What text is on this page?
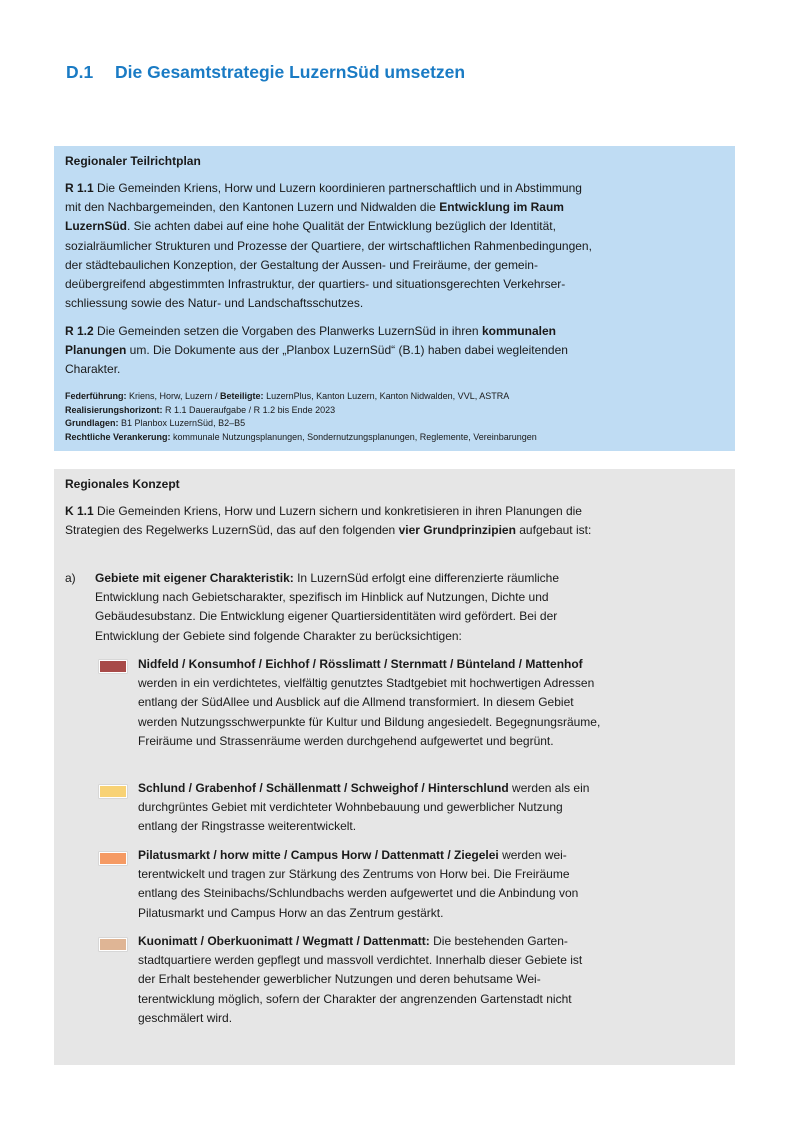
D.1 Die Gesamtstrategie LuzernSüd umsetzen
Regionaler Teilrichtplan
R 1.1 Die Gemeinden Kriens, Horw und Luzern koordinieren partnerschaftlich und in Abstimmung mit den Nachbargemeinden, den Kantonen Luzern und Nidwalden die Entwicklung im Raum LuzernSüd. Sie achten dabei auf eine hohe Qualität der Entwicklung bezüglich der Identität, sozialräumlicher Strukturen und Prozesse der Quartiere, der wirtschaftlichen Rahmenbedingungen, der städtebaulichen Konzeption, der Gestaltung der Aussen- und Freiräume, der gemeindeübergreifend abgestimmten Infrastruktur, der quartiers- und situationsgerechten Verkehrserschliessung sowie des Natur- und Landschaftsschutzes.
R 1.2 Die Gemeinden setzen die Vorgaben des Planwerks LuzernSüd in ihren kommunalen Planungen um. Die Dokumente aus der „Planbox LuzernSüd“ (B.1) haben dabei wegleitenden Charakter.
Federführung: Kriens, Horw, Luzern / Beteiligte: LuzernPlus, Kanton Luzern, Kanton Nidwalden, VVL, ASTRA
Realisierungshorizont: R 1.1 Daueraufgabe / R 1.2 bis Ende 2023
Grundlagen: B1 Planbox LuzernSüd, B2–B5
Rechtliche Verankerung: kommunale Nutzungsplanungen, Sondernutzungsplanungen, Reglemente, Vereinbarungen
Regionales Konzept
K 1.1 Die Gemeinden Kriens, Horw und Luzern sichern und konkretisieren in ihren Planungen die Strategien des Regelwerks LuzernSüd, das auf den folgenden vier Grundprinzipien aufgebaut ist:
a) Gebiete mit eigener Charakteristik: In LuzernSüd erfolgt eine differenzierte räumliche Entwicklung nach Gebietscharakter, spezifisch im Hinblick auf Nutzungen, Dichte und Gebäudesubstanz. Die Entwicklung eigener Quartiersidentitäten wird gefördert. Bei der Entwicklung der Gebiete sind folgende Charakter zu berücksichtigen:
Nidfeld / Konsumhof / Eichhof / Rösslimatt / Sternmatt / Bünteland / Mattenhof werden in ein verdichtetes, vielfältig genutztes Stadtgebiet mit hochwertigen Adressen entlang der SüdAllee und Ausblick auf die Allmend transformiert. In diesem Gebiet werden Nutzungsschwerpunkte für Kultur und Bildung angesiedelt. Begegnungsräume, Freiräume und Strassenräume werden durchgehend aufgewertet und begrünt.
Schlund / Grabenhof / Schällenmatt / Schweighof / Hinterschlund werden als ein durchgrüntes Gebiet mit verdichteter Wohnbebauung und gewerblicher Nutzung entlang der Ringstrasse weiterentwickelt.
Pilatusmarkt / horw mitte / Campus Horw / Dattenmatt / Ziegelei werden weiterentwickelt und tragen zur Stärkung des Zentrums von Horw bei. Die Freiräume entlang des Steinibachs/Schlundbachs werden aufgewertet und die Anbindung von Pilatusmarkt und Campus Horw an das Zentrum gestärkt.
Kuonimatt / Oberkuonimatt / Wegmatt / Dattenmatt: Die bestehenden Gartenstadtquartiere werden gepflegt und massvoll verdichtet. Innerhalb dieser Gebiete ist der Erhalt bestehender gewerblicher Nutzungen und deren behutsame Weiterentwicklung möglich, sofern der Charakter der angrenzenden Gartenstadt nicht geschmälert wird.
